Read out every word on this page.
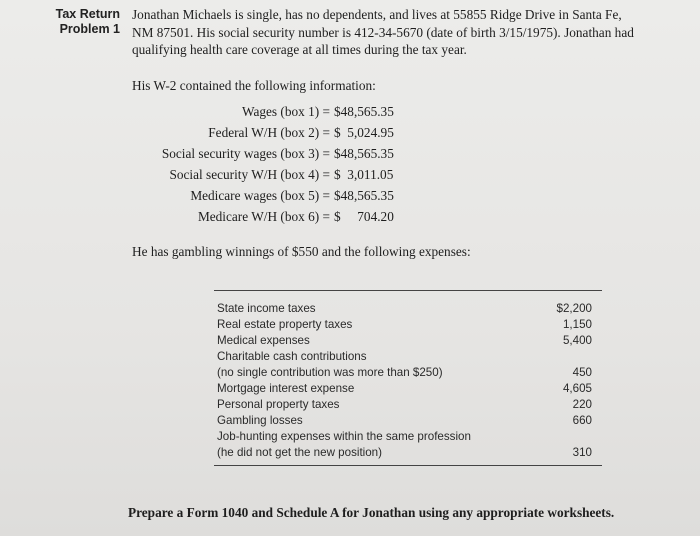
Tax Return
Problem 1
Jonathan Michaels is single, has no dependents, and lives at 55855 Ridge Drive in Santa Fe,
NM 87501. His social security number is 412-34-5670 (date of birth 3/15/1975). Jonathan had
qualifying health care coverage at all times during the tax year.
His W-2 contained the following information:
Wages (box 1) = $48,565.35
Federal W/H (box 2) = $  5,024.95
Social security wages (box 3) = $48,565.35
Social security W/H (box 4) = $  3,011.05
Medicare wages (box 5) = $48,565.35
Medicare W/H (box 6) = $     704.20
He has gambling winnings of $550 and the following expenses:
State income taxes	$2,200
Real estate property taxes	1,150
Medical expenses	5,400
Charitable cash contributions
(no single contribution was more than $250)	450
Mortgage interest expense	4,605
Personal property taxes	220
Gambling losses	660
Job-hunting expenses within the same profession
(he did not get the new position)	310
Prepare a Form 1040 and Schedule A for Jonathan using any appropriate worksheets.
